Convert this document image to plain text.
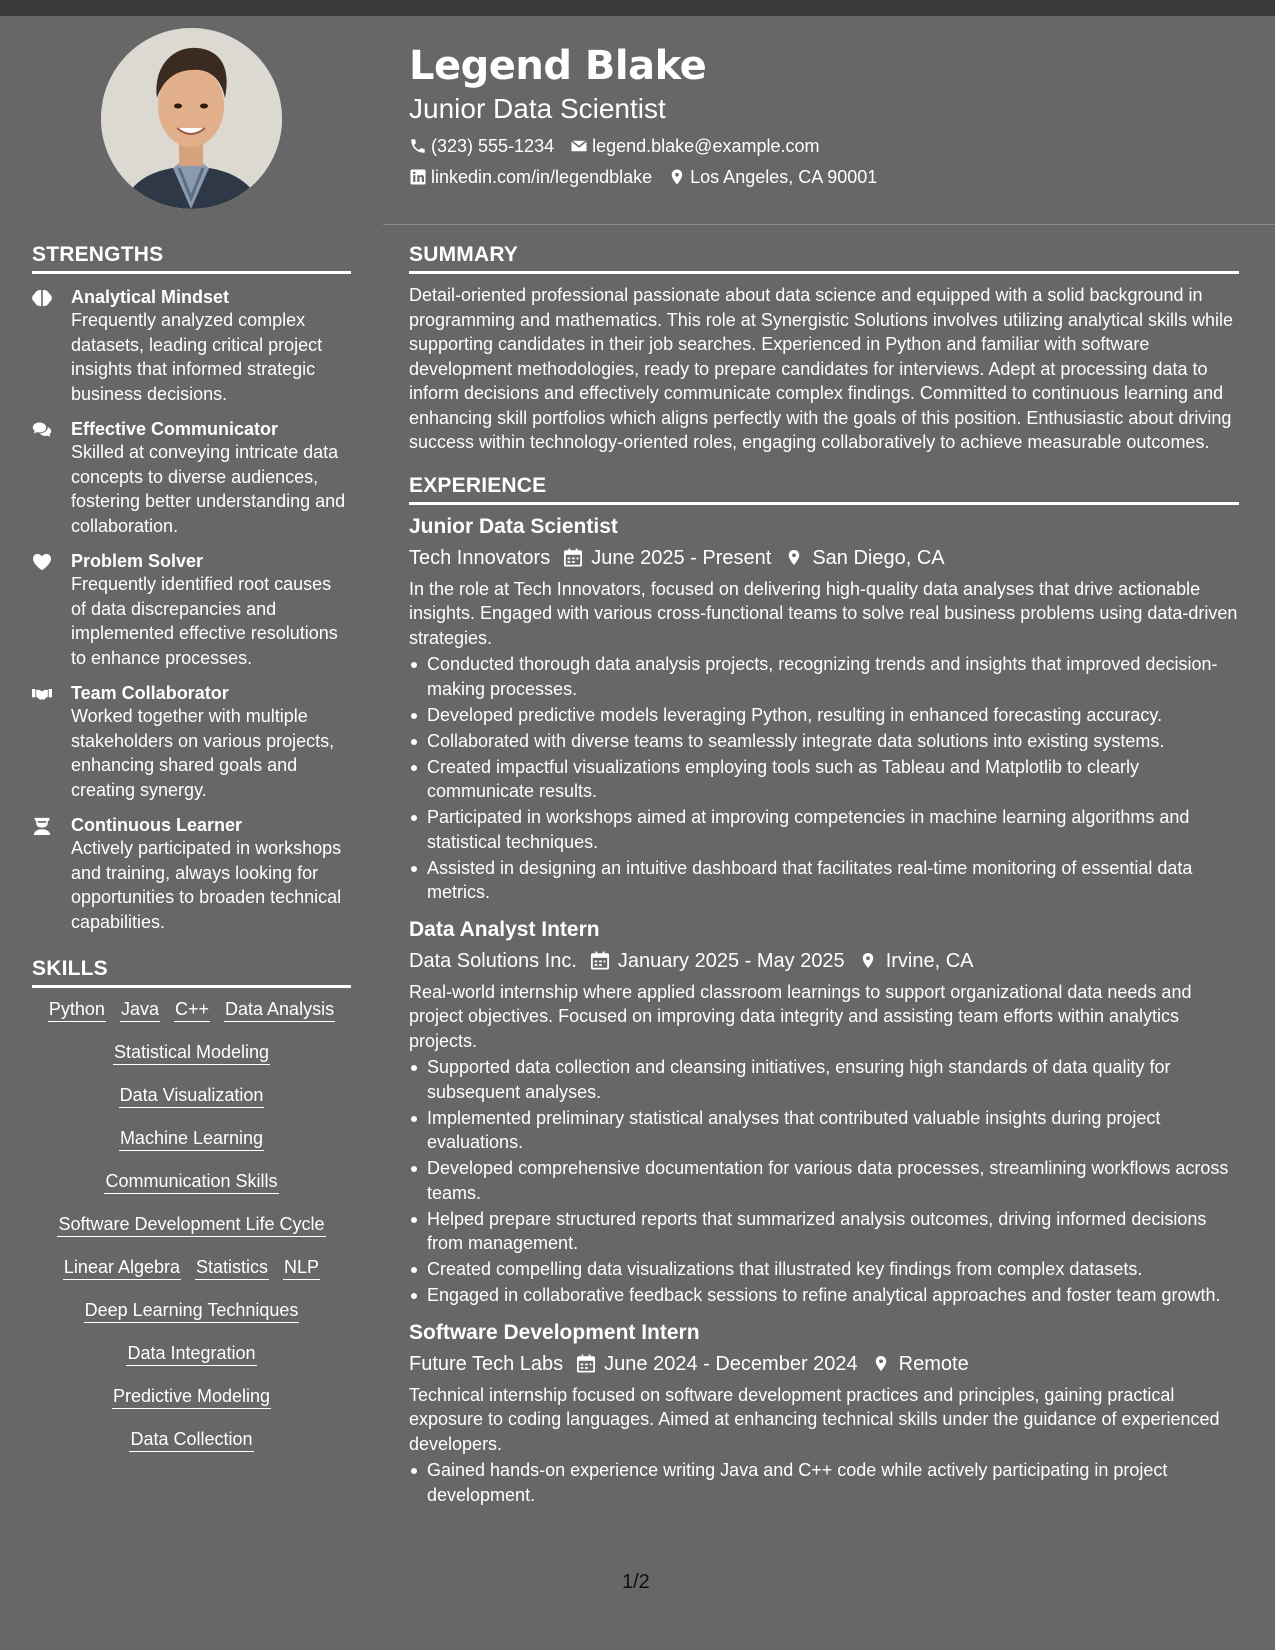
Legend Blake
Junior Data Scientist
(323) 555-1234 legend.blake@example.com
linkedin.com/in/legendblake Los Angeles, CA 90001
STRENGTHS
Analytical Mindset
Frequently analyzed complex datasets, leading critical project insights that informed strategic business decisions.
Effective Communicator
Skilled at conveying intricate data concepts to diverse audiences, fostering better understanding and collaboration.
Problem Solver
Frequently identified root causes of data discrepancies and implemented effective resolutions to enhance processes.
Team Collaborator
Worked together with multiple stakeholders on various projects, enhancing shared goals and creating synergy.
Continuous Learner
Actively participated in workshops and training, always looking for opportunities to broaden technical capabilities.
SKILLS
Python Java C++ Data Analysis
Statistical Modeling
Data Visualization
Machine Learning
Communication Skills
Software Development Life Cycle
Linear Algebra Statistics NLP
Deep Learning Techniques
Data Integration
Predictive Modeling
Data Collection
SUMMARY
Detail-oriented professional passionate about data science and equipped with a solid background in programming and mathematics. This role at Synergistic Solutions involves utilizing analytical skills while supporting candidates in their job searches. Experienced in Python and familiar with software development methodologies, ready to prepare candidates for interviews. Adept at processing data to inform decisions and effectively communicate complex findings. Committed to continuous learning and enhancing skill portfolios which aligns perfectly with the goals of this position. Enthusiastic about driving success within technology-oriented roles, engaging collaboratively to achieve measurable outcomes.
EXPERIENCE
Junior Data Scientist
Tech Innovators June 2025 - Present San Diego, CA
In the role at Tech Innovators, focused on delivering high-quality data analyses that drive actionable insights. Engaged with various cross-functional teams to solve real business problems using data-driven strategies.
Conducted thorough data analysis projects, recognizing trends and insights that improved decision-making processes.
Developed predictive models leveraging Python, resulting in enhanced forecasting accuracy.
Collaborated with diverse teams to seamlessly integrate data solutions into existing systems.
Created impactful visualizations employing tools such as Tableau and Matplotlib to clearly communicate results.
Participated in workshops aimed at improving competencies in machine learning algorithms and statistical techniques.
Assisted in designing an intuitive dashboard that facilitates real-time monitoring of essential data metrics.
Data Analyst Intern
Data Solutions Inc. January 2025 - May 2025 Irvine, CA
Real-world internship where applied classroom learnings to support organizational data needs and project objectives. Focused on improving data integrity and assisting team efforts within analytics projects.
Supported data collection and cleansing initiatives, ensuring high standards of data quality for subsequent analyses.
Implemented preliminary statistical analyses that contributed valuable insights during project evaluations.
Developed comprehensive documentation for various data processes, streamlining workflows across teams.
Helped prepare structured reports that summarized analysis outcomes, driving informed decisions from management.
Created compelling data visualizations that illustrated key findings from complex datasets.
Engaged in collaborative feedback sessions to refine analytical approaches and foster team growth.
Software Development Intern
Future Tech Labs June 2024 - December 2024 Remote
Technical internship focused on software development practices and principles, gaining practical exposure to coding languages. Aimed at enhancing technical skills under the guidance of experienced developers.
Gained hands-on experience writing Java and C++ code while actively participating in project development.
1/2
